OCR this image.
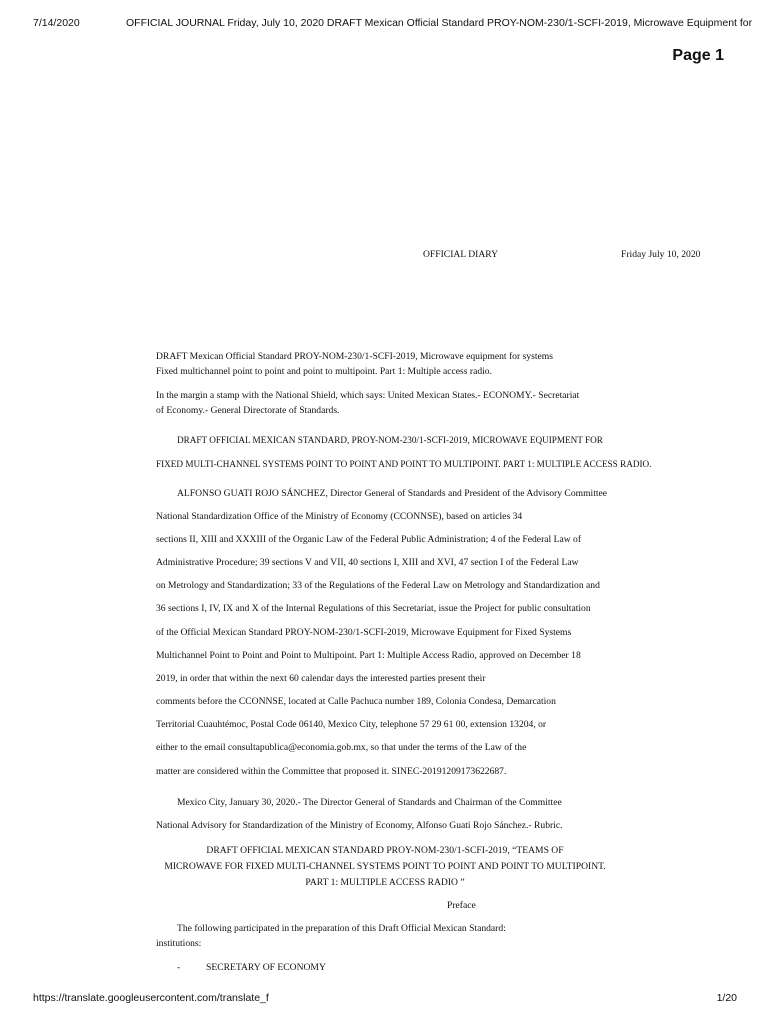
7/14/2020	OFFICIAL JOURNAL Friday, July 10, 2020 DRAFT Mexican Official Standard PROY-NOM-230/1-SCFI-2019, Microwave Equipment for
Page 1
OFFICIAL DIARY	Friday July 10, 2020
DRAFT Mexican Official Standard PROY-NOM-230/1-SCFI-2019, Microwave equipment for systems
Fixed multichannel point to point and point to multipoint. Part 1: Multiple access radio.
In the margin a stamp with the National Shield, which says: United Mexican States.- ECONOMY.- Secretariat
of Economy.- General Directorate of Standards.
DRAFT OFFICIAL MEXICAN STANDARD, PROY-NOM-230/1-SCFI-2019, MICROWAVE EQUIPMENT FOR
FIXED MULTI-CHANNEL SYSTEMS POINT TO POINT AND POINT TO MULTIPOINT. PART 1: MULTIPLE ACCESS RADIO.
ALFONSO GUATI ROJO SÁNCHEZ, Director General of Standards and President of the Advisory Committee
National Standardization Office of the Ministry of Economy (CCONNSE), based on articles 34
sections II, XIII and XXXIII of the Organic Law of the Federal Public Administration; 4 of the Federal Law of
Administrative Procedure; 39 sections V and VII, 40 sections I, XIII and XVI, 47 section I of the Federal Law
on Metrology and Standardization; 33 of the Regulations of the Federal Law on Metrology and Standardization and
36 sections I, IV, IX and X of the Internal Regulations of this Secretariat, issue the Project for public consultation
of the Official Mexican Standard PROY-NOM-230/1-SCFI-2019, Microwave Equipment for Fixed Systems
Multichannel Point to Point and Point to Multipoint. Part 1: Multiple Access Radio, approved on December 18
2019, in order that within the next 60 calendar days the interested parties present their
comments before the CCONNSE, located at Calle Pachuca number 189, Colonia Condesa, Demarcation
Territorial Cuauhtémoc, Postal Code 06140, Mexico City, telephone 57 29 61 00, extension 13204, or
either to the email consultapublica@economia.gob.mx, so that under the terms of the Law of the
matter are considered within the Committee that proposed it. SINEC-20191209173622687.
Mexico City, January 30, 2020.- The Director General of Standards and Chairman of the Committee
National Advisory for Standardization of the Ministry of Economy, Alfonso Guati Rojo Sánchez.- Rubric.
DRAFT OFFICIAL MEXICAN STANDARD PROY-NOM-230/1-SCFI-2019, “TEAMS OF
MICROWAVE FOR FIXED MULTI-CHANNEL SYSTEMS POINT TO POINT AND POINT TO MULTIPOINT.
PART 1: MULTIPLE ACCESS RADIO ”
Preface
The following participated in the preparation of this Draft Official Mexican Standard:
institutions:
-	SECRETARY OF ECONOMY
https://translate.googleusercontent.com/translate_f	1/20
